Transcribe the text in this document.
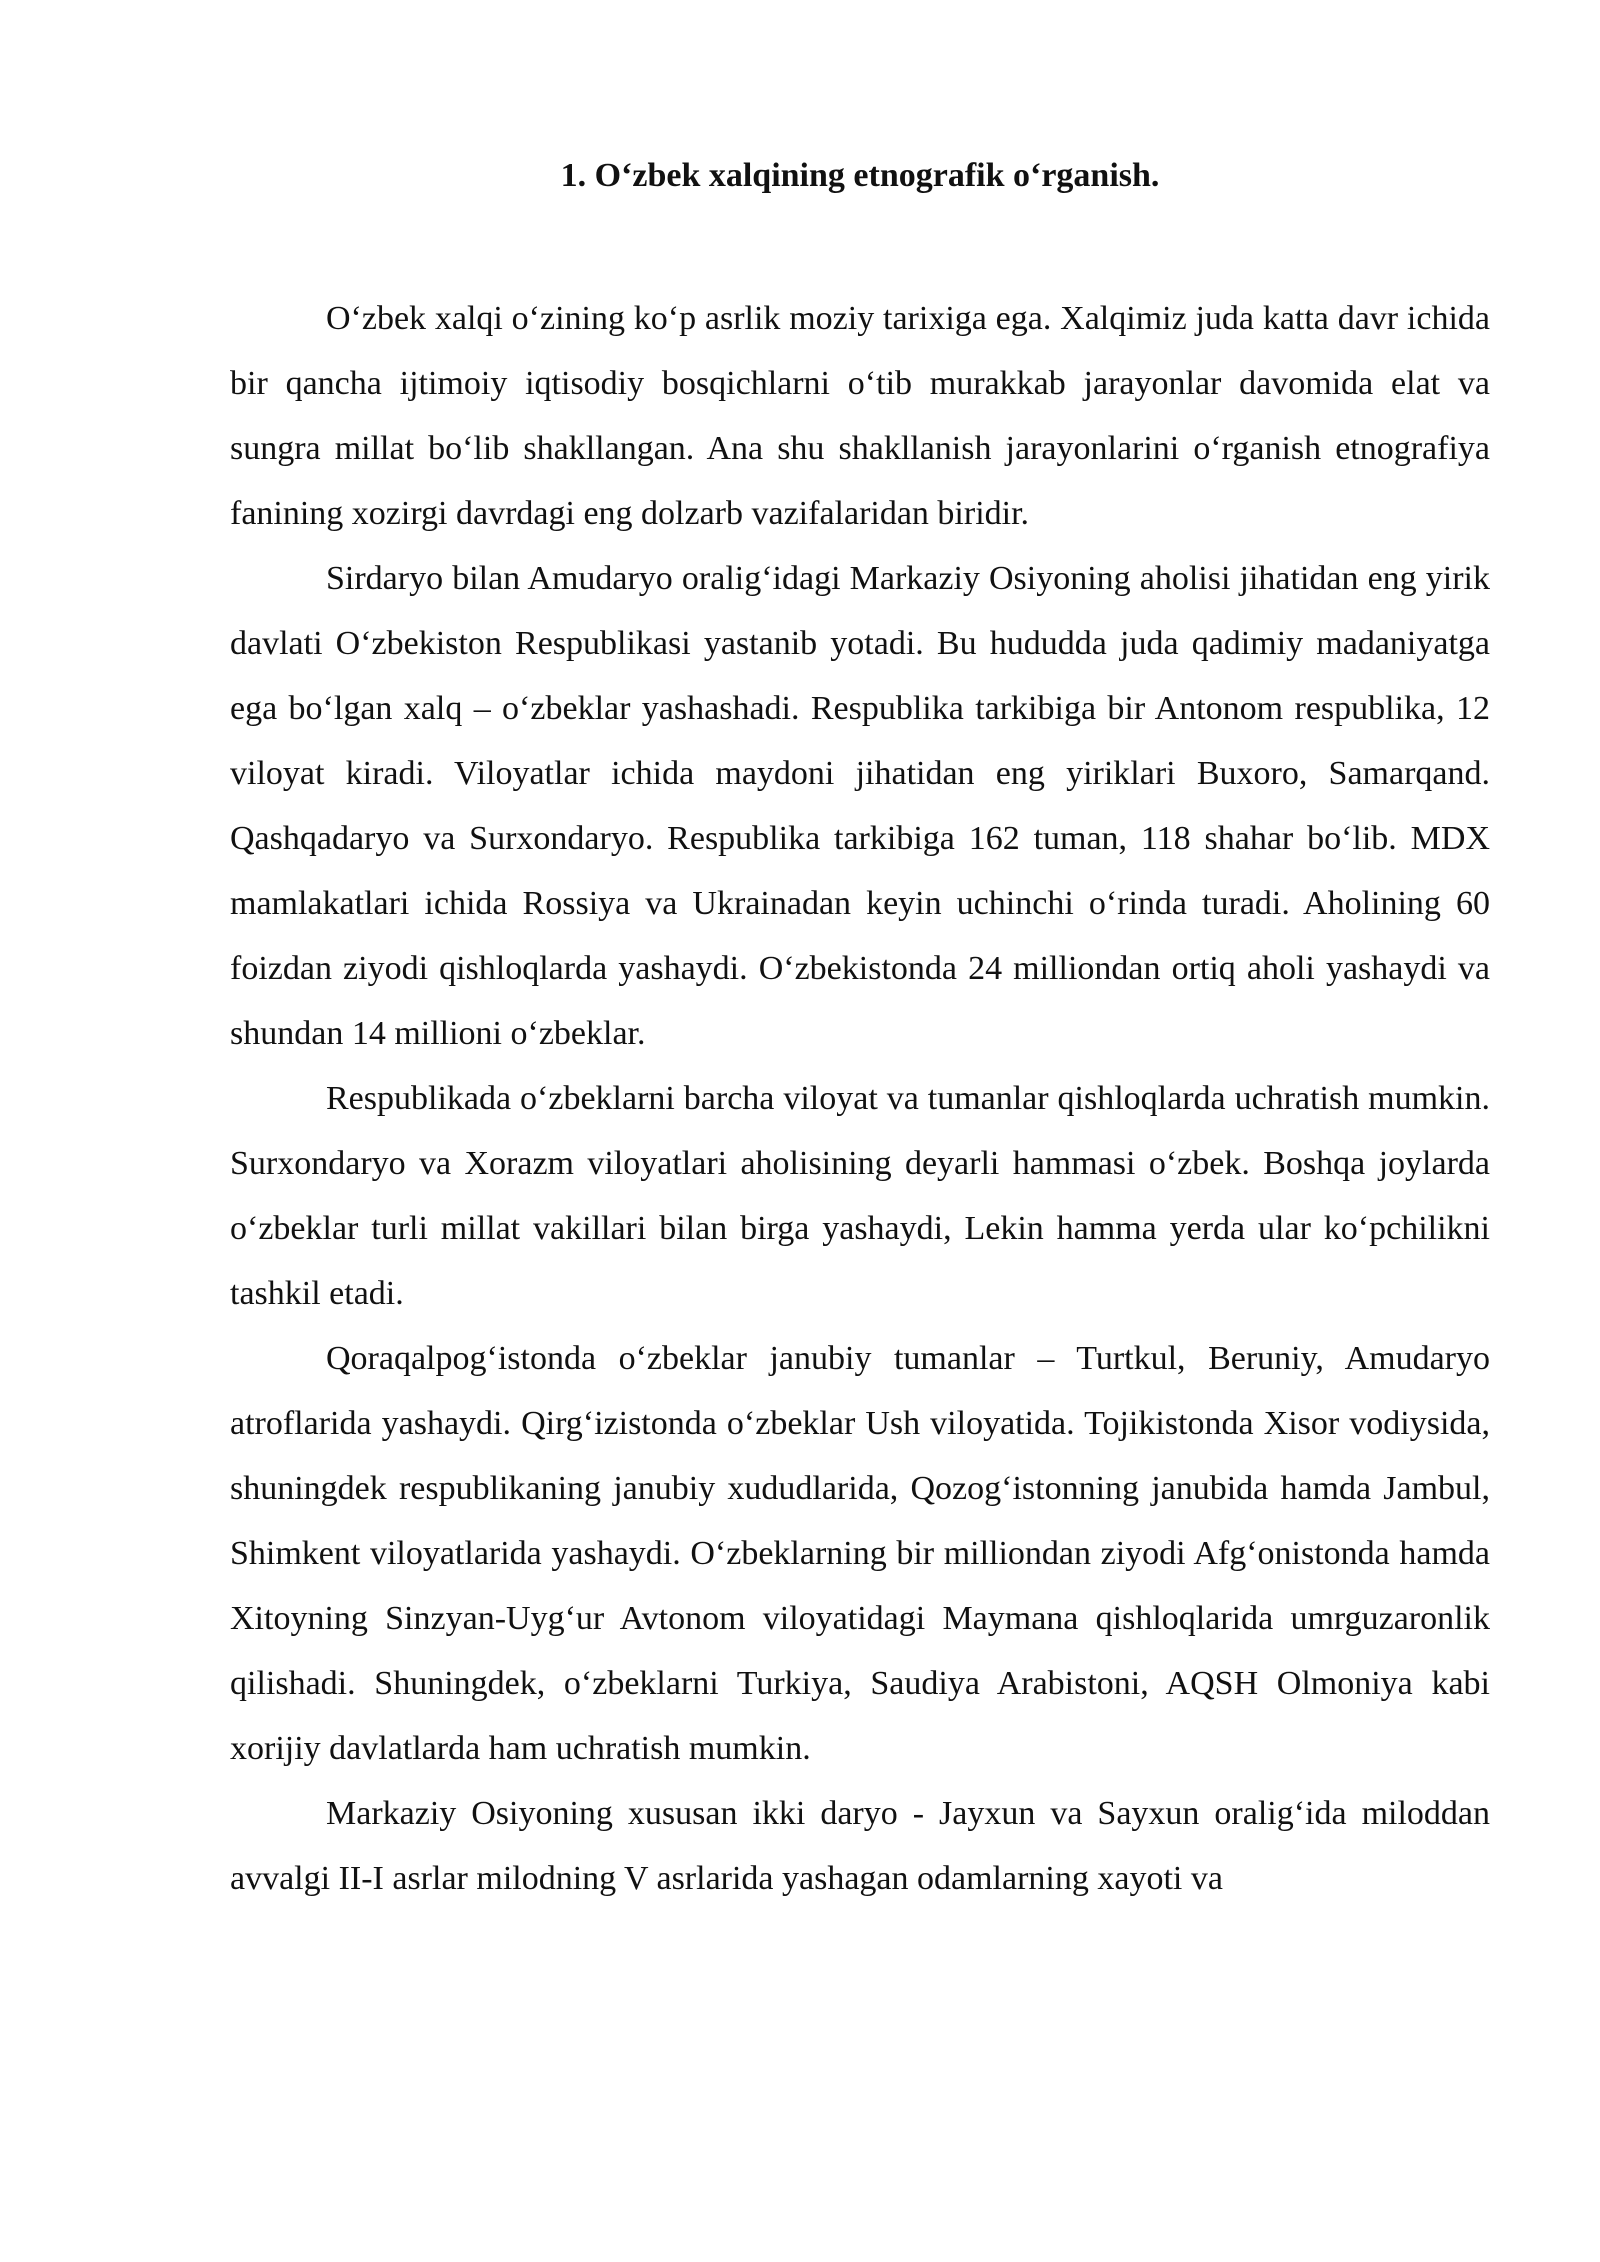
1. O‘zbek xalqining etnografik o‘rganish.

O‘zbek xalqi o‘zining ko‘p asrlik moziy tarixiga ega. Xalqimiz juda katta davr ichida bir qancha ijtimoiy iqtisodiy bosqichlarni o‘tib murakkab jarayonlar davomida elat va sungra millat bo‘lib shakllangan. Ana shu shakllanish jarayonlarini o‘rganish etnografiya fanining xozirgi davrdagi eng dolzarb vazifalaridan biridir.

Sirdaryo bilan Amudaryo oralig‘idagi Markaziy Osiyoning aholisi jihatidan eng yirik davlati O‘zbekiston Respublikasi yastanib yotadi. Bu hududda juda qadimiy madaniyatga ega bo‘lgan xalq – o‘zbeklar yashashadi. Respublika tarkibiga bir Antonom respublika, 12 viloyat kiradi. Viloyatlar ichida maydoni jihatidan eng yiriklari Buxoro, Samarqand. Qashqadaryo va Surxondaryo. Respublika tarkibiga 162 tuman, 118 shahar bo‘lib. MDX mamlakatlari ichida Rossiya va Ukrainadan keyin uchinchi o‘rinda turadi. Aholining 60 foizdan ziyodi qishloqlarda yashaydi. O‘zbekistonda 24 milliondan ortiq aholi yashaydi va shundan 14 millioni o‘zbeklar.

Respublikada o‘zbeklarni barcha viloyat va tumanlar qishloqlarda uchratish mumkin. Surxondaryo va Xorazm viloyatlari aholisining deyarli hammasi o‘zbek. Boshqa joylarda o‘zbeklar turli millat vakillari bilan birga yashaydi, Lekin hamma yerda ular ko‘pchilikni tashkil etadi.

Qoraqalpog‘istonda o‘zbeklar janubiy tumanlar – Turtkul, Beruniy, Amudaryo atroflarida yashaydi. Qirg‘izistonda o‘zbeklar Ush viloyatida. Tojikistonda Xisor vodiysida, shuningdek respublikaning janubiy xududlarida, Qozog‘istonning janubida hamda Jambul, Shimkent viloyatlarida yashaydi. O‘zbeklarning bir milliondan ziyodi Afg‘onistonda hamda Xitoyning Sinzyan-Uyg‘ur Avtonom viloyatidagi Maymana qishloqlarida umrguzaronlik qilishadi. Shuningdek, o‘zbeklarni Turkiya, Saudiya Arabistoni, AQSH Olmoniya kabi xorijiy davlatlarda ham uchratish mumkin.

Markaziy Osiyoning xususan ikki daryo - Jayxun va Sayxun oralig‘ida miloddan avvalgi II-I asrlar milodning V asrlarida yashagan odamlarning xayoti va
